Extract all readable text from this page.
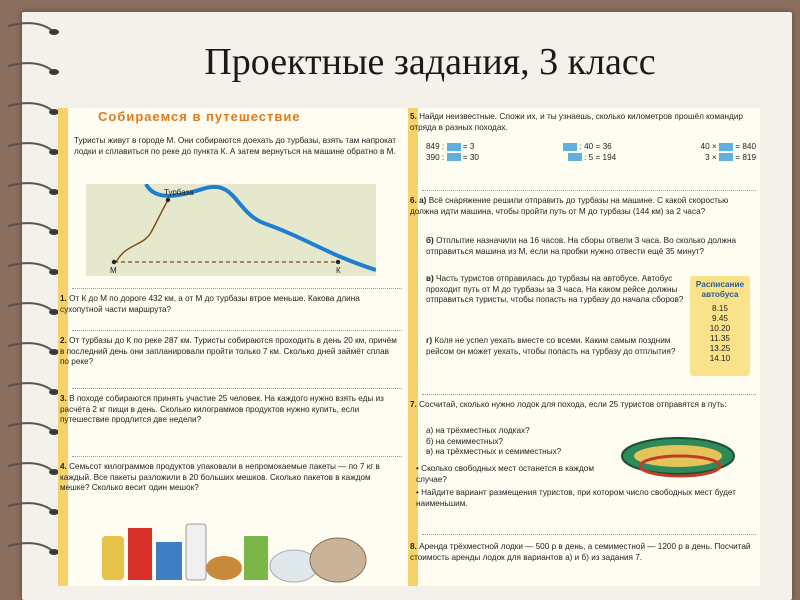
Проектные задания, 3 класс
Собираемся в путешествие
Туристы живут в городе М. Они собираются доехать до турбазы, взять там напрокат лодки и сплавиться по реке до пункта К. А затем вернуться на машине обратно в М.
Турбаза
М	К
1. От К до М по дороге 432 км, а от М до турбазы втрое меньше. Какова длина сухопутной части маршрута?
2. От турбазы до К по реке 287 км. Туристы собираются проходить в день 20 км, причём в последний день они запланировали пройти только 7 км. Сколько дней займёт сплав по реке?
3. В походе собираются принять участие 25 человек. На каждого нужно взять еды из расчёта 2 кг пищи в день. Сколько килограммов продуктов нужно купить, если путешествие продлится две недели?
4. Семьсот килограммов продуктов упаковали в непромокаемые пакеты — по 7 кг в каждый. Все пакеты разложили в 20 больших мешков. Сколько пакетов в каждом мешке? Сколько весит один мешок?
5. Найди неизвестные. Сложи их, и ты узнаешь, сколько километров прошёл командир отряда в разных походах.
849 : = 3	: 40 = 36	40 × = 840
390 : = 30	: 5 = 194	3 × = 819
6. а) Всё снаряжение решили отправить до турбазы на машине. С какой скоростью должна идти машина, чтобы пройти путь от М до турбазы (144 км) за 2 часа?
б) Отплытие назначили на 16 часов. На сборы отвели 3 часа. Во сколько должна отправиться машина из М, если на пробки нужно отвести ещё 35 минут?
в) Часть туристов отправилась до турбазы на автобусе. Автобус проходит путь от М до турбазы за 3 часа. На каком рейсе должны отправиться туристы, чтобы попасть на турбазу до начала сборов?
г) Коля не успел уехать вместе со всеми. Каким самым поздним рейсом он может уехать, чтобы попасть на турбазу до отплытия?
Расписание
автобуса
8.15
9.45
10.20
11.35
13.25
14.10
7. Сосчитай, сколько нужно лодок для похода, если 25 туристов отправятся в путь:
а) на трёхместных лодках?
б) на семиместных?
в) на трёхместных и семиместных?
• Сколько свободных мест останется в каждом случае?
• Найдите вариант размещения туристов, при котором число свободных мест будет наименьшим.
8. Аренда трёхместной лодки — 500 р в день, а семиместной — 1200 р в день. Посчитай стоимость аренды лодок для вариантов а) и б) из задания 7.
